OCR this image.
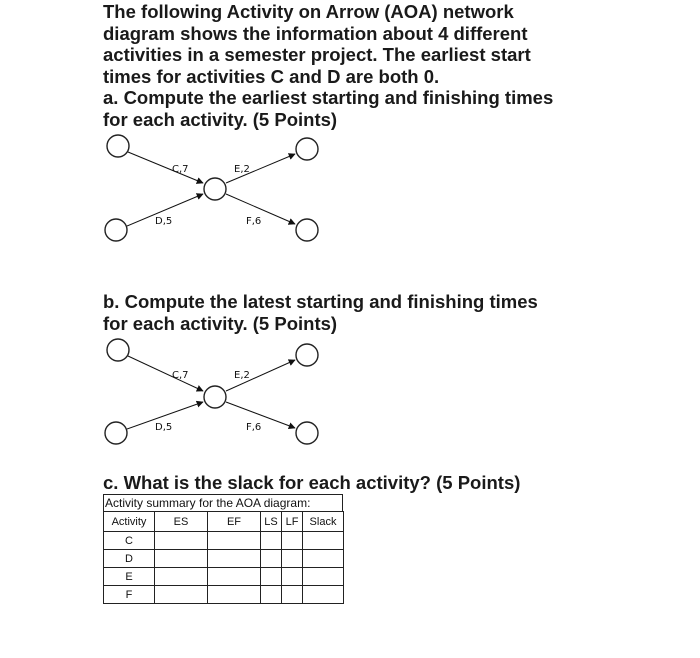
The following Activity on Arrow (AOA) network
diagram shows the information about 4 different
activities in a semester project. The earliest start
times for activities C and D are both 0.

a. Compute the earliest starting and finishing times
for each activity. (5 Points)

C,7
D,5
E,2
F,6

b. Compute the latest starting and finishing times
for each activity. (5 Points)

C,7
D,5
E,2
F,6

c. What is the slack for each activity? (5 Points)

Activity summary for the AOA diagram:
Activity	ES	EF	LS	LF	Slack
C					
D					
E					
F					
